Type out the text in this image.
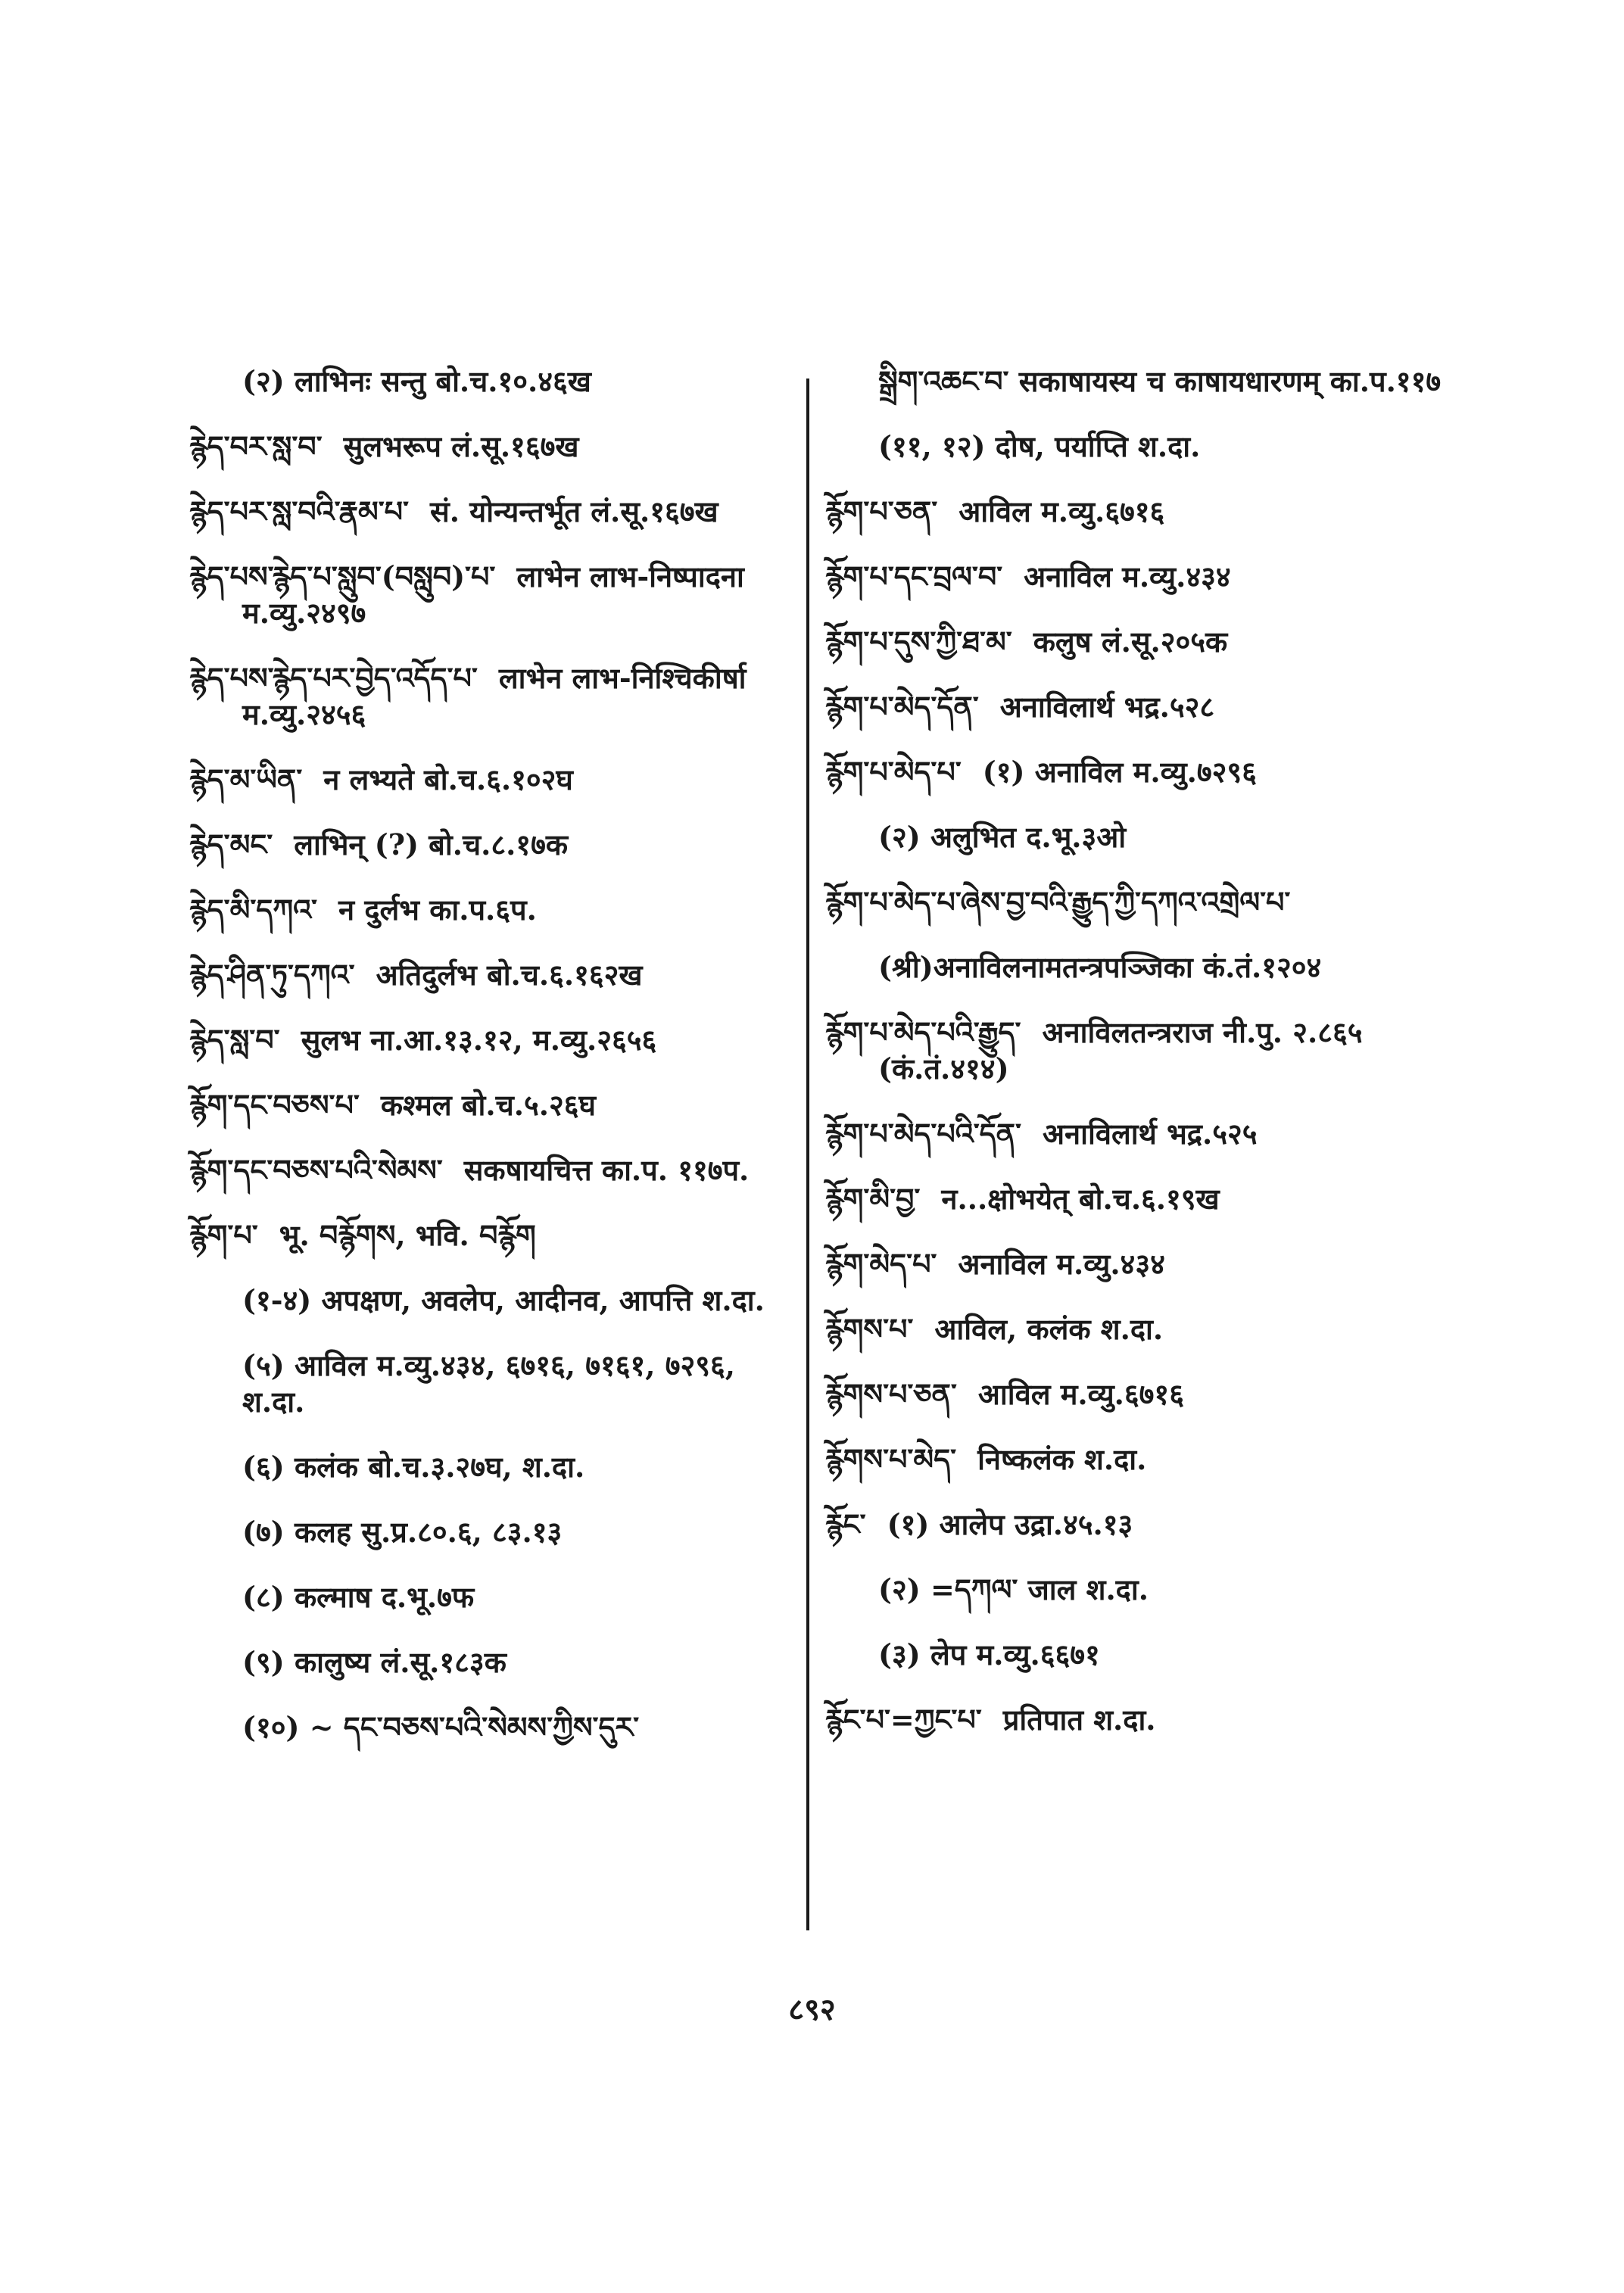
(२) लाभिनः सन्तु बो.च.१०.४६ख
རྙེད་བར་སླ་བ་ सुलभरूप लं.सू.१६७ख
རྙེད་པར་སླ་བའི་རྣམ་པ་ सं. योन्यन्तर्भूत लं.सू.१६७ख
རྙེད་པས་རྙེད་པ་སླུབ་(བསླུབ)་པ་ लाभेन लाभ-निष्पादना म.व्यु.२४९७
རྙེད་པས་རྙེད་པར་བྱེད་འདོད་པ་ लाभेन लाभ-निश्चिकीर्षा म.व्यु.२४५६
རྙེད་མ་ཡིན་ न लभ्यते बो.च.६.१०२घ
རྙེད་མང་ लाभिन् (?) बो.च.८.१७क
རྙེད་མི་དཀའ་ न दुर्लभ का.प.६प.
རྙེད་ཤིན་ཏུ་དཀའ་ अतिदुर्लभ बो.च.६.१६२ख
རྙེད་སླ་བ་ सुलभ ना.आ.१३.१२, म.व्यु.२६५६
རྙོག་དང་བཅས་པ་ कश्मल बो.च.५.२६घ
རྙོག་དང་བཅས་པའི་སེམས་ सकषायचित्त का.प. ११७प.
རྙོག་པ་ भू. བརྙོགས, भवि. བརྙོག
(१-४) अपक्षण, अवलेप, आदीनव, आपत्ति श.दा.
(५) आविल म.व्यु.४३४, ६७१६, ७१६१, ७२९६, श.दा.
(६) कलंक बो.च.३.२७घ, श.दा.
(७) कलह सु.प्र.८०.६, ८३.१३
(८) कल्माष द.भू.७फ
(९) कालुष्य लं.सू.१८३क
(१०) ~ དང་བཅས་པའི་སེམས་ཀྱིས་དུར་
སྒྲིག་འཆང་བ་ सकाषायस्य च काषायधारणम् का.प.११७
(११, १२) दोष, पर्याप्ति श.दा.
རྙོག་པ་ཅན་ आविल म.व्यु.६७१६
རྙོག་པ་དང་བྲལ་བ་ अनाविल म.व्यु.४३४
རྙོག་པ་དུས་ཀྱི་ཐ་མ་ कलुष लं.सू.२०५क
རྙོག་པ་མེད་དོན་ अनाविलार्थ भद्र.५२८
རྙོག་པ་མེད་པ་ (१) अनाविल म.व्यु.७२९६
(२) अलुभित द.भू.३ओ
རྙོག་པ་མེད་པ་ཞེས་བྱ་བའི་རྒྱུད་ཀྱི་དཀའ་འགྲེལ་པ་
(श्री)अनाविलनामतन्त्रपञ्जिका कं.तं.१२०४
རྙོག་པ་མེད་པའི་རྒྱུད་ अनाविलतन्त्रराज नी.पु. २.८६५ (कं.तं.४१४)
རྙོག་པ་མེད་པའི་དོན་ अनाविलार्थ भद्र.५२५
རྙོག་མི་བྱ་ न...क्षोभयेत् बो.च.६.१९ख
རྙོག་མེད་པ་ अनाविल म.व्यु.४३४
རྙོགས་པ་ आविल, कलंक श.दा.
རྙོགས་པ་ཅན་ आविल म.व्यु.६७१६
རྙོགས་པ་མེད་ निष्कलंक श.दा.
རྙོང་ (१) आलेप उद्रा.४५.१३
(२) =དཀལ་ जाल श.दा.
(३) लेप म.व्यु.६६७१
རྙོང་པ་=ཀྱང་པ་ प्रतिपात श.दा.
८९२
